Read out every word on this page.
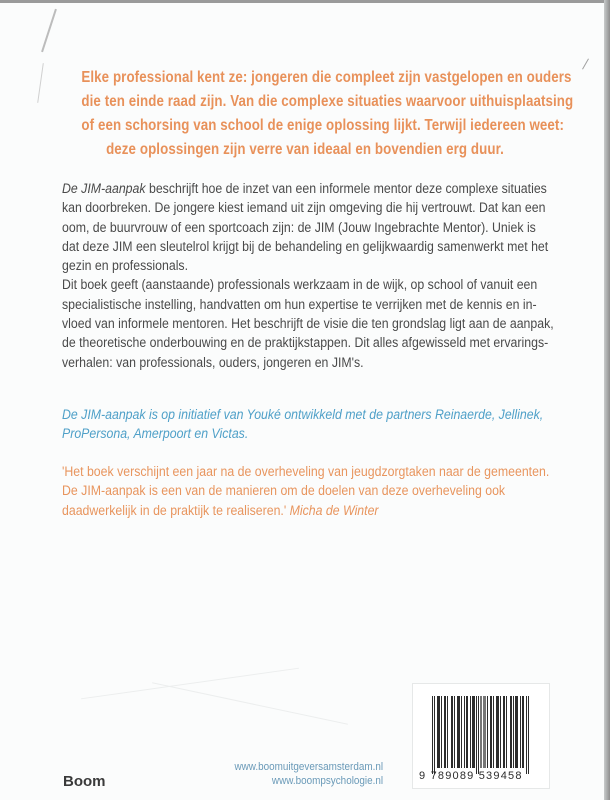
Elke professional kent ze: jongeren die compleet zijn vastgelopen en ouders
die ten einde raad zijn. Van die complexe situaties waarvoor uithuisplaatsing
of een schorsing van school de enige oplossing lijkt. Terwijl iedereen weet:
deze oplossingen zijn verre van ideaal en bovendien erg duur.
De JIM-aanpak beschrijft hoe de inzet van een informele mentor deze complexe situaties
kan doorbreken. De jongere kiest iemand uit zijn omgeving die hij vertrouwt. Dat kan een
oom, de buurvrouw of een sportcoach zijn: de JIM (Jouw Ingebrachte Mentor). Uniek is
dat deze JIM een sleutelrol krijgt bij de behandeling en gelijkwaardig samenwerkt met het
gezin en professionals.
Dit boek geeft (aanstaande) professionals werkzaam in de wijk, op school of vanuit een
specialistische instelling, handvatten om hun expertise te verrijken met de kennis en in-
vloed van informele mentoren. Het beschrijft de visie die ten grondslag ligt aan de aanpak,
de theoretische onderbouwing en de praktijkstappen. Dit alles afgewisseld met ervarings-
verhalen: van professionals, ouders, jongeren en JIM's.
De JIM-aanpak is op initiatief van Youké ontwikkeld met de partners Reinaerde, Jellinek,
ProPersona, Amerpoort en Victas.
'Het boek verschijnt een jaar na de overheveling van jeugdzorgtaken naar de gemeenten.
De JIM-aanpak is een van de manieren om de doelen van deze overheveling ook
daadwerkelijk in de praktijk te realiseren.' Micha de Winter
Boom
www.boomuitgeversamsterdam.nl
www.boompsychologie.nl	9 789089 539458
